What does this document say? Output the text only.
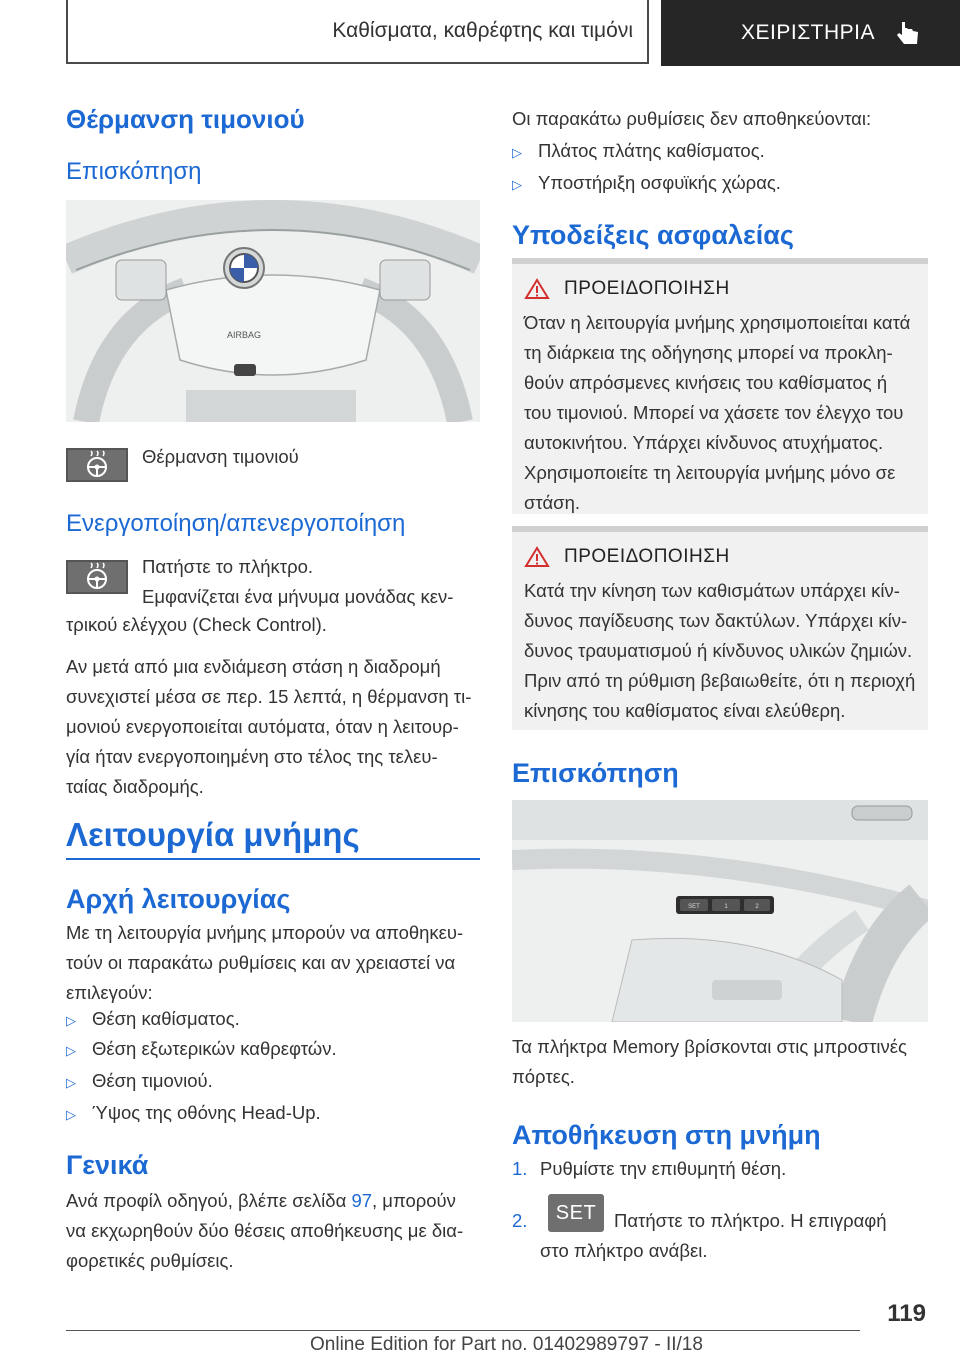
Καθίσματα, καθρέφτης και τιμόνι	ΧΕΙΡΙΣΤΗΡΙΑ
Θέρμανση τιμονιού
Επισκόπηση
AIRBAG
Θέρμανση τιμονιού
Ενεργοποίηση/απενεργοποίηση
Πατήστε το πλήκτρο.
Εμφανίζεται ένα μήνυμα μονάδας κεν-
τρικού ελέγχου (Check Control).
Αν μετά από μια ενδιάμεση στάση η διαδρομή
συνεχιστεί μέσα σε περ. 15 λεπτά, η θέρμανση τι-
μονιού ενεργοποιείται αυτόματα, όταν η λειτουρ-
γία ήταν ενεργοποιημένη στο τέλος της τελευ-
ταίας διαδρομής.
Λειτουργία μνήμης
Αρχή λειτουργίας
Με τη λειτουργία μνήμης μπορούν να αποθηκευ-
τούν οι παρακάτω ρυθμίσεις και αν χρειαστεί να
επιλεγούν:
▷ Θέση καθίσματος.
▷ Θέση εξωτερικών καθρεφτών.
▷ Θέση τιμονιού.
▷ Ύψος της οθόνης Head-Up.
Γενικά
Ανά προφίλ οδηγού, βλέπε σελίδα 97, μπορούν
να εκχωρηθούν δύο θέσεις αποθήκευσης με δια-
φορετικές ρυθμίσεις.
Οι παρακάτω ρυθμίσεις δεν αποθηκεύονται:
▷ Πλάτος πλάτης καθίσματος.
▷ Υποστήριξη οσφυϊκής χώρας.
Υποδείξεις ασφαλείας
ΠΡΟΕΙΔΟΠΟΙΗΣΗ
Όταν η λειτουργία μνήμης χρησιμοποιείται κατά
τη διάρκεια της οδήγησης μπορεί να προκλη-
θούν απρόσμενες κινήσεις του καθίσματος ή
του τιμονιού. Μπορεί να χάσετε τον έλεγχο του
αυτοκινήτου. Υπάρχει κίνδυνος ατυχήματος.
Χρησιμοποιείτε τη λειτουργία μνήμης μόνο σε
στάση.
ΠΡΟΕΙΔΟΠΟΙΗΣΗ
Κατά την κίνηση των καθισμάτων υπάρχει κίν-
δυνος παγίδευσης των δακτύλων. Υπάρχει κίν-
δυνος τραυματισμού ή κίνδυνος υλικών ζημιών.
Πριν από τη ρύθμιση βεβαιωθείτε, ότι η περιοχή
κίνησης του καθίσματος είναι ελεύθερη.
Επισκόπηση
SET	1	2
Τα πλήκτρα Memory βρίσκονται στις μπροστινές
πόρτες.
Αποθήκευση στη μνήμη
1. Ρυθμίστε την επιθυμητή θέση.
2.	SET Πατήστε το πλήκτρο. Η επιγραφή
στο πλήκτρο ανάβει.
119
Online Edition for Part no. 01402989797 - II/18
